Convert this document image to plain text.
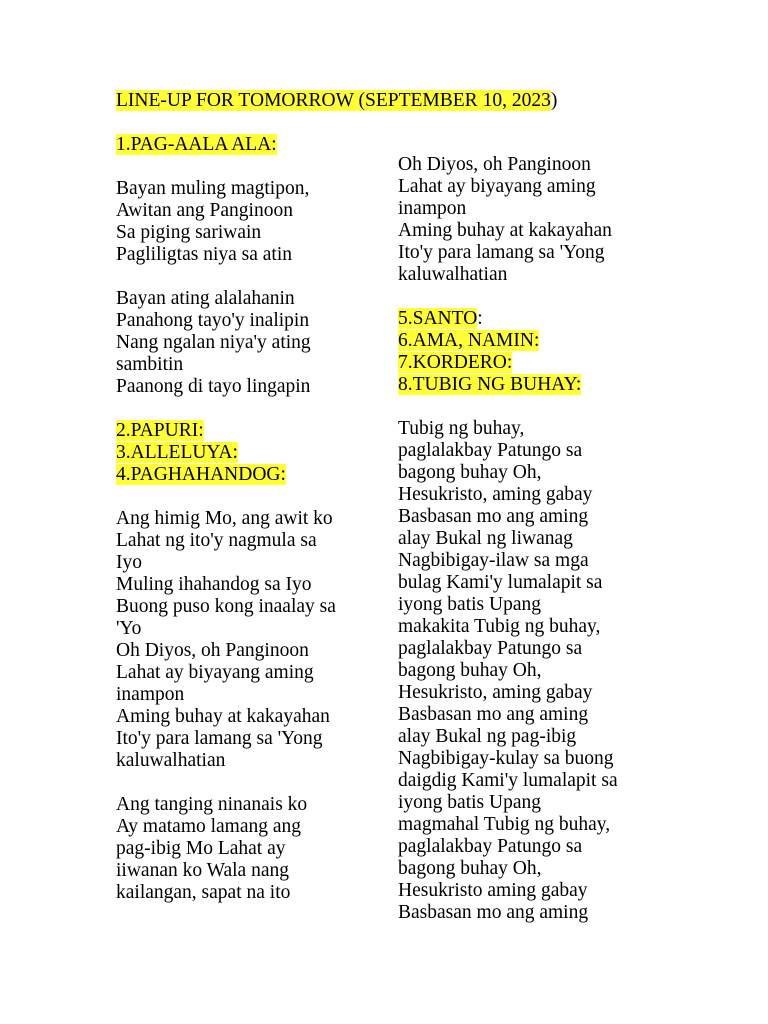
LINE-UP FOR TOMORROW (SEPTEMBER 10, 2023)

1.PAG-AALA ALA:

Bayan muling magtipon,

Awitan ang Panginoon

Sa piging sariwain

Pagliligtas niya sa atin

Bayan ating alalahanin

Panahong tayo'y inalipin

Nang ngalan niya'y ating

sambitin

Paanong di tayo lingapin

2.PAPURI:

3.ALLELUYA:

4.PAGHAHANDOG:

Ang himig Mo, ang awit ko

Lahat ng ito'y nagmula sa

Iyo

Muling ihahandog sa Iyo

Buong puso kong inaalay sa

'Yo

Oh Diyos, oh Panginoon

Lahat ay biyayang aming

inampon

Aming buhay at kakayahan

Ito'y para lamang sa 'Yong

kaluwalhatian

Ang tanging ninanais ko

Ay matamo lamang ang

pag-ibig Mo Lahat ay

iiwanan ko Wala nang

kailangan, sapat na ito

Oh Diyos, oh Panginoon

Lahat ay biyayang aming

inampon

Aming buhay at kakayahan

Ito'y para lamang sa 'Yong

kaluwalhatian

5.SANTO:

6.AMA, NAMIN:

7.KORDERO:

8.TUBIG NG BUHAY:

Tubig ng buhay,

paglalakbay Patungo sa

bagong buhay Oh,

Hesukristo, aming gabay

Basbasan mo ang aming

alay Bukal ng liwanag

Nagbibigay-ilaw sa mga

bulag Kami'y lumalapit sa

iyong batis Upang

makakita Tubig ng buhay,

paglalakbay Patungo sa

bagong buhay Oh,

Hesukristo, aming gabay

Basbasan mo ang aming

alay Bukal ng pag-ibig

Nagbibigay-kulay sa buong

daigdig Kami'y lumalapit sa

iyong batis Upang

magmahal Tubig ng buhay,

paglalakbay Patungo sa

bagong buhay Oh,

Hesukristo aming gabay

Basbasan mo ang aming
